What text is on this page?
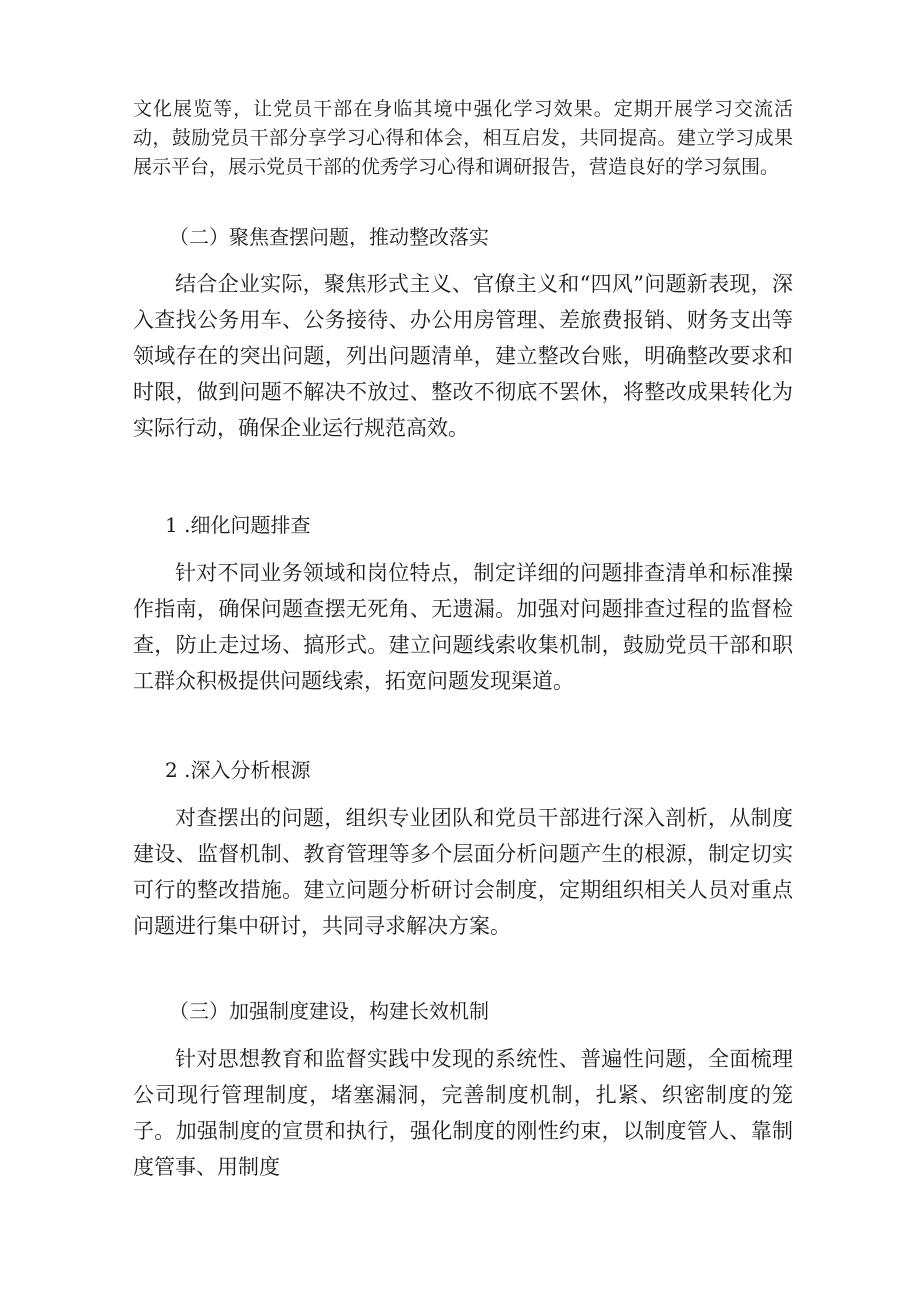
文化展览等，让党员干部在身临其境中强化学习效果。定期开展学习交流活动，鼓励党员干部分享学习心得和体会，相互启发，共同提高。建立学习成果展示平台，展示党员干部的优秀学习心得和调研报告，营造良好的学习氛围。

（二）聚焦查摆问题，推动整改落实

结合企业实际，聚焦形式主义、官僚主义和“四风”问题新表现，深入查找公务用车、公务接待、办公用房管理、差旅费报销、财务支出等领域存在的突出问题，列出问题清单，建立整改台账，明确整改要求和时限，做到问题不解决不放过、整改不彻底不罢休，将整改成果转化为实际行动，确保企业运行规范高效。

1 .细化问题排查

针对不同业务领域和岗位特点，制定详细的问题排查清单和标准操作指南，确保问题查摆无死角、无遗漏。加强对问题排查过程的监督检查，防止走过场、搞形式。建立问题线索收集机制，鼓励党员干部和职工群众积极提供问题线索，拓宽问题发现渠道。

2 .深入分析根源

对查摆出的问题，组织专业团队和党员干部进行深入剖析，从制度建设、监督机制、教育管理等多个层面分析问题产生的根源，制定切实可行的整改措施。建立问题分析研讨会制度，定期组织相关人员对重点问题进行集中研讨，共同寻求解决方案。

（三）加强制度建设，构建长效机制

针对思想教育和监督实践中发现的系统性、普遍性问题，全面梳理公司现行管理制度，堵塞漏洞，完善制度机制，扎紧、织密制度的笼子。加强制度的宣贯和执行，强化制度的刚性约束，以制度管人、靠制度管事、用制度
